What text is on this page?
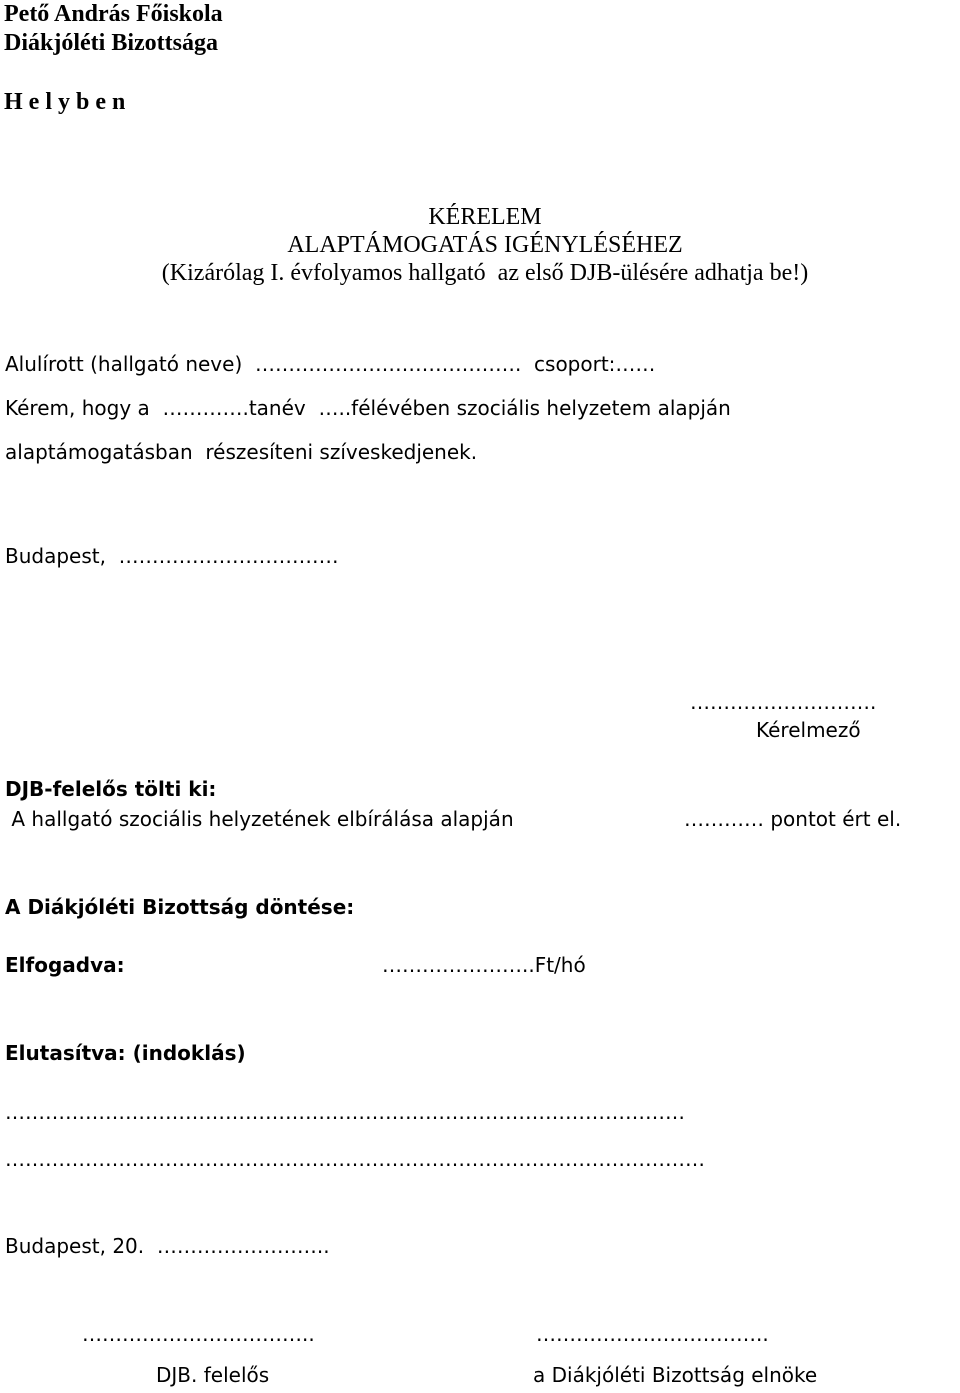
Pető András Főiskola
Diákjóléti Bizottsága
H e l y b e n
KÉRELEM
ALAPTÁMOGATÁS IGÉNYLÉSÉHEZ
(Kizárólag I. évfolyamos hallgató  az első DJB-ülésére adhatja be!)
Alulírott (hallgató neve)  ………………………………….  csoport:……
Kérem, hogy a  ………….tanév  …..félévében szociális helyzetem alapján
alaptámogatásban  részesíteni szíveskedjenek.
Budapest,  ……………………………
……………………….
Kérelmező
DJB-felelős tölti ki:
A hallgató szociális helyzetének elbírálása alapján	………… pontot ért el.
A Diákjóléti Bizottság döntése:
Elfogadva:	…………………..Ft/hó
Elutasítva: (indoklás)
…………………………………………………………………………………………
……………………………………………………………………………………………
Budapest, 20.  ……………………..
……………………………..
DJB. felelős
……………………………..
a Diákjóléti Bizottság elnöke
